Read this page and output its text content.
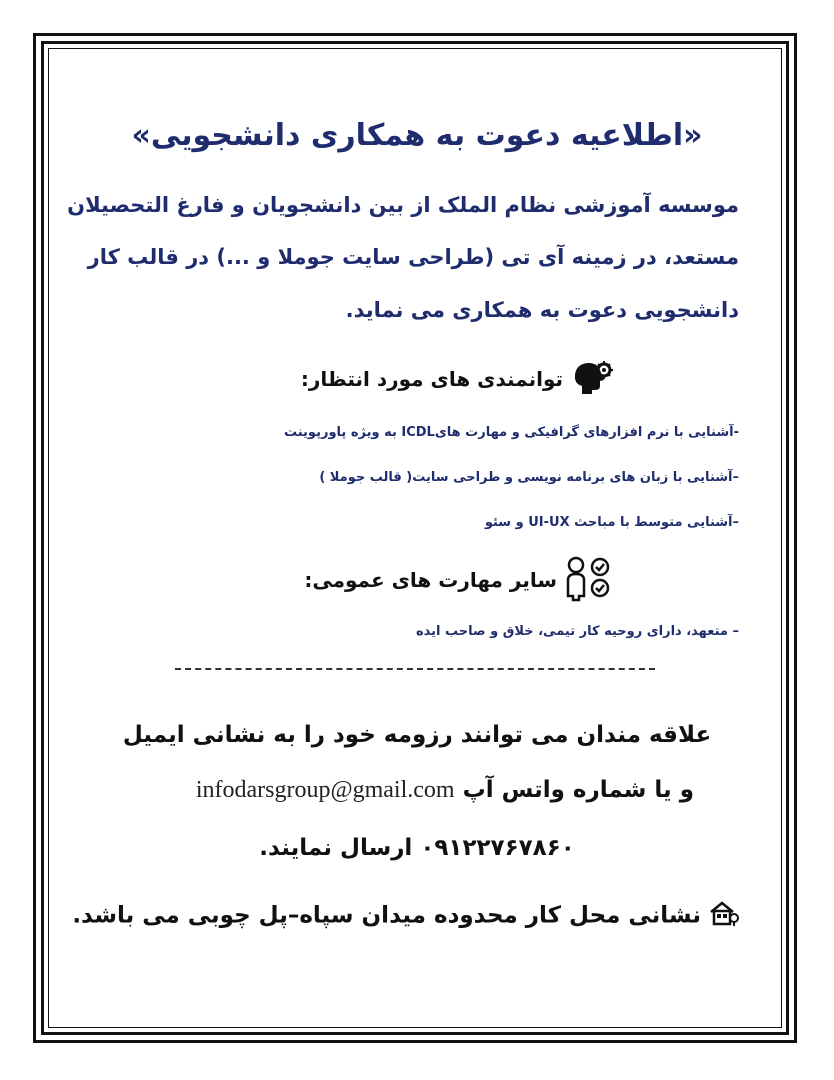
«اطلاعیه دعوت به همکاری دانشجویی»
موسسه آموزشی نظام الملک از بین دانشجویان و فارغ التحصیلان
مستعد، در زمینه آی تی (طراحی سایت جوملا و ...) در قالب کار
دانشجویی دعوت به همکاری می نماید.
توانمندی های مورد انتظار:
-آشنایی با نرم افزارهای گرافیکی و مهارت هایICDL به ویژه پاورپوینت
–آشنایی با زبان های برنامه نویسی و طراحی سایت( قالب جوملا )
–آشنایی متوسط با مباحث UI-UX و سئو
سایر مهارت های عمومی:
– متعهد، دارای روحیه کار تیمی، خلاق و صاحب ایده
علاقه مندان می توانند رزومه خود را به نشانی ایمیل
و یا شماره واتس آپ infodarsgroup@gmail.com
۰۹۱۲۲۷۶۷۸۶۰ ارسال نمایند.
نشانی محل کار محدوده میدان سپاه–پل چوبی می باشد.
